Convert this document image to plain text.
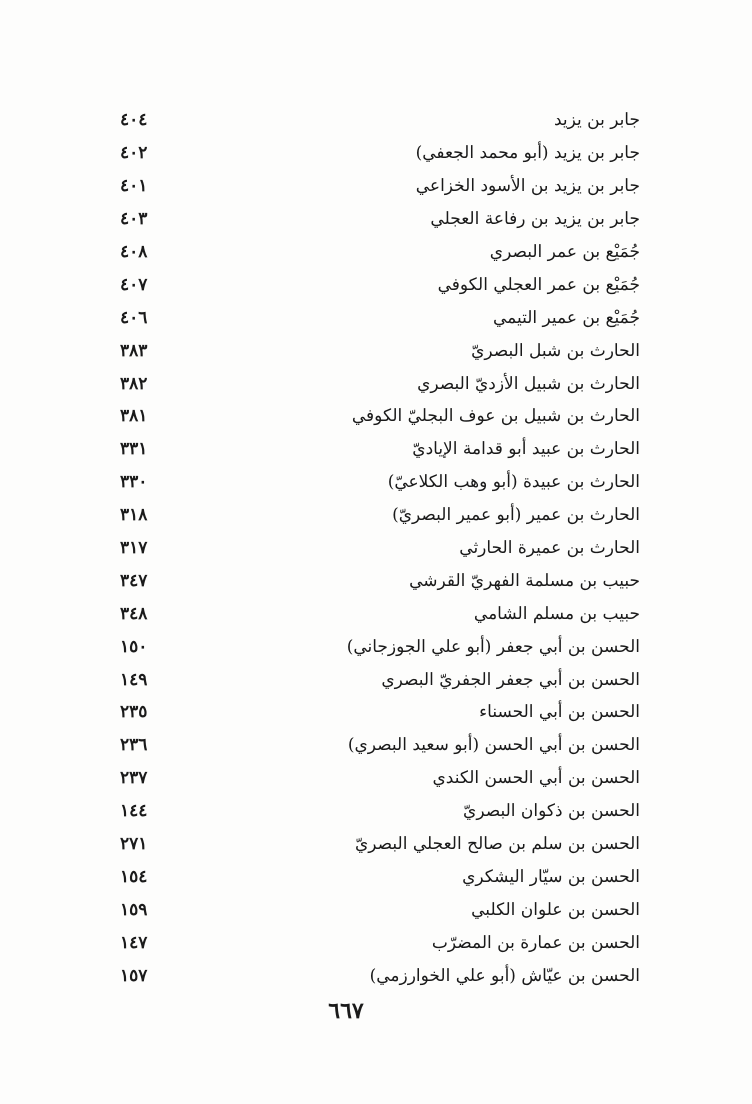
٤٠٤	جابر بن يزيد
٤٠٢	جابر بن يزيد (أبو محمد الجعفي)
٤٠١	جابر بن يزيد بن الأسود الخزاعي
٤٠٣	جابر بن يزيد بن رفاعة العجلي
٤٠٨	جُمَيْع بن عمر البصري
٤٠٧	جُمَيْع بن عمر العجلي الكوفي
٤٠٦	جُمَيْع بن عمير التيمي
٣٨٣	الحارث بن شبل البصريّ
٣٨٢	الحارث بن شبيل الأزديّ البصري
٣٨١	الحارث بن شبيل بن عوف البجليّ الكوفي
٣٣١	الحارث بن عبيد أبو قدامة الإياديّ
٣٣٠	الحارث بن عبيدة (أبو وهب الكلاعيّ)
٣١٨	الحارث بن عمير (أبو عمير البصريّ)
٣١٧	الحارث بن عميرة الحارثي
٣٤٧	حبيب بن مسلمة الفهريّ القرشي
٣٤٨	حبيب بن مسلم الشامي
١٥٠	الحسن بن أبي جعفر (أبو علي الجوزجاني)
١٤٩	الحسن بن أبي جعفر الجفريّ البصري
٢٣٥	الحسن بن أبي الحسناء
٢٣٦	الحسن بن أبي الحسن (أبو سعيد البصري)
٢٣٧	الحسن بن أبي الحسن الكندي
١٤٤	الحسن بن ذكوان البصريّ
٢٧١	الحسن بن سلم بن صالح العجلي البصريّ
١٥٤	الحسن بن سيّار اليشكري
١٥٩	الحسن بن علوان الكلبي
١٤٧	الحسن بن عمارة بن المضرّب
١٥٧	الحسن بن عيّاش (أبو علي الخوارزمي)
٦٦٧
